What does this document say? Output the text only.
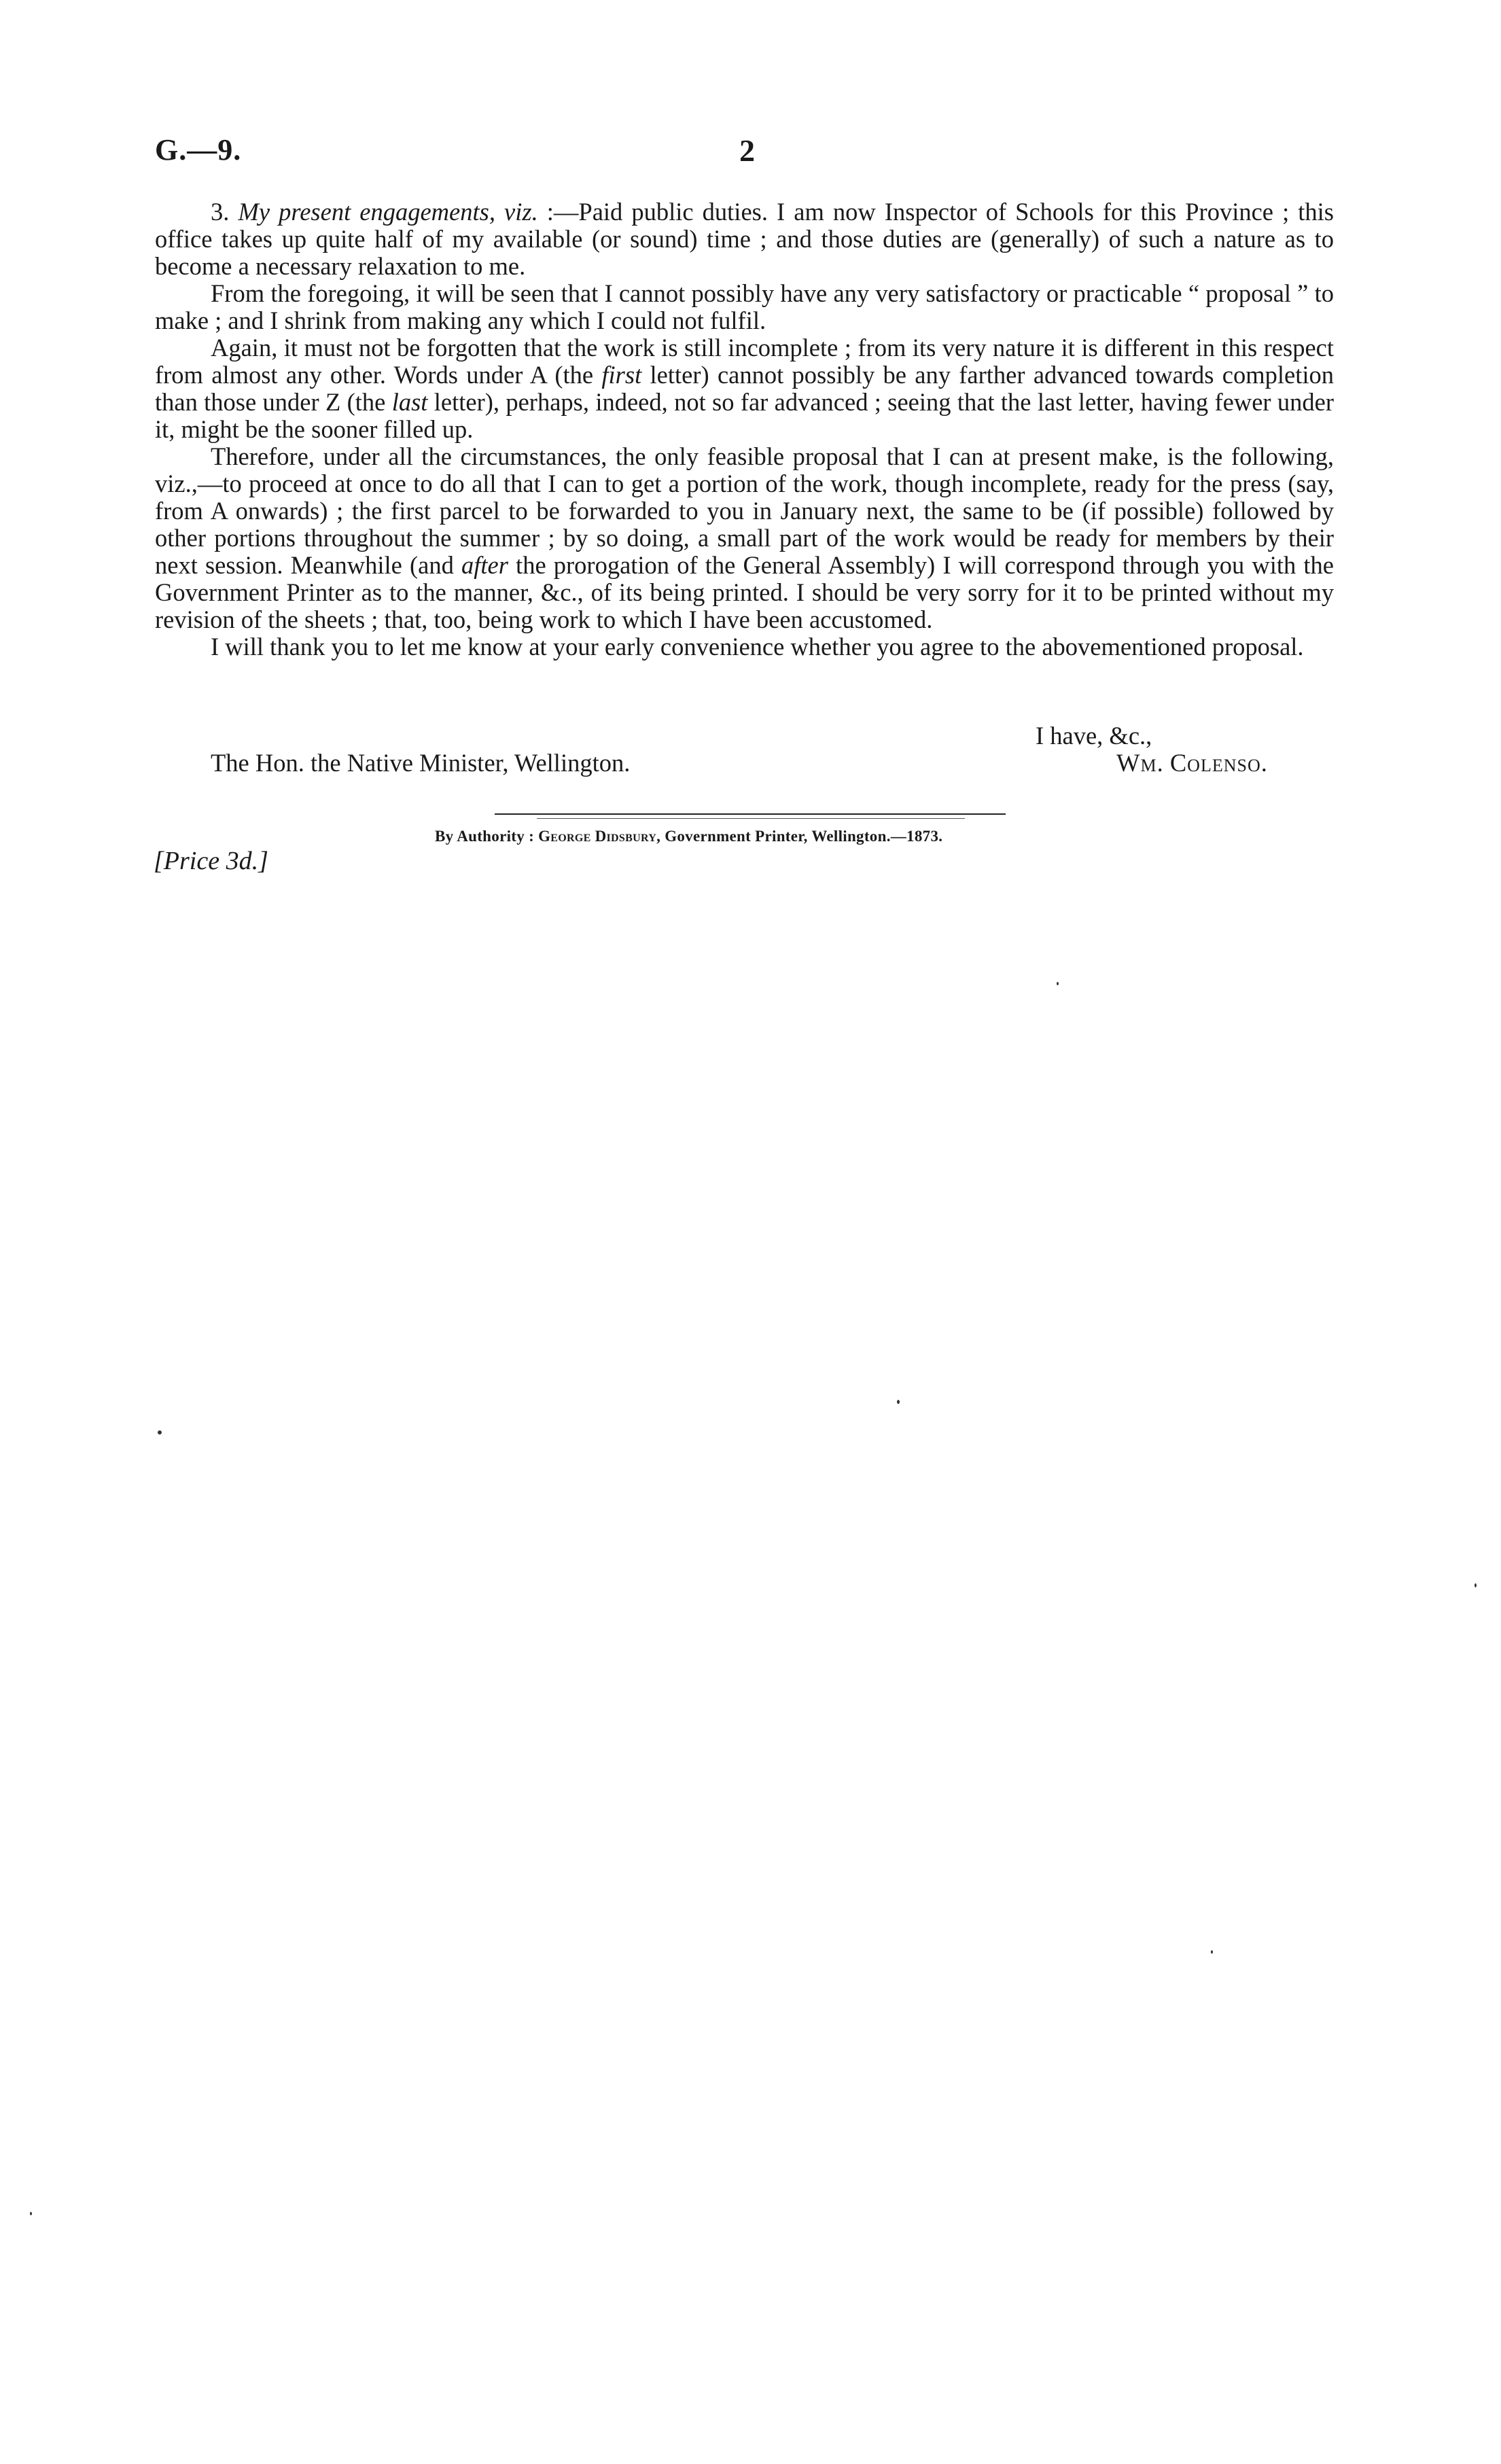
G.—9.	2

3. My present engagements, viz. :—Paid public duties. I am now Inspector of Schools for this Province ; this office takes up quite half of my available (or sound) time ; and those duties are (generally) of such a nature as to become a necessary relaxation to me.

From the foregoing, it will be seen that I cannot possibly have any very satisfactory or practicable “ proposal ” to make ; and I shrink from making any which I could not fulfil.

Again, it must not be forgotten that the work is still incomplete ; from its very nature it is different in this respect from almost any other. Words under A (the first letter) cannot possibly be any farther advanced towards completion than those under Z (the last letter), perhaps, indeed, not so far advanced ; seeing that the last letter, having fewer under it, might be the sooner filled up.

Therefore, under all the circumstances, the only feasible proposal that I can at present make, is the following, viz.,—to proceed at once to do all that I can to get a portion of the work, though incomplete, ready for the press (say, from A onwards) ; the first parcel to be forwarded to you in January next, the same to be (if possible) followed by other portions throughout the summer ; by so doing, a small part of the work would be ready for members by their next session. Meanwhile (and after the prorogation of the General Assembly) I will correspond through you with the Government Printer as to the manner, &c., of its being printed. I should be very sorry for it to be printed without my revision of the sheets ; that, too, being work to which I have been accustomed.

I will thank you to let me know at your early convenience whether you agree to the abovementioned proposal.

I have, &c.,
The Hon. the Native Minister, Wellington.	Wm. Colenso.
By Authority : George Didsbury, Government Printer, Wellington.—1873.
[Price 3d.]
